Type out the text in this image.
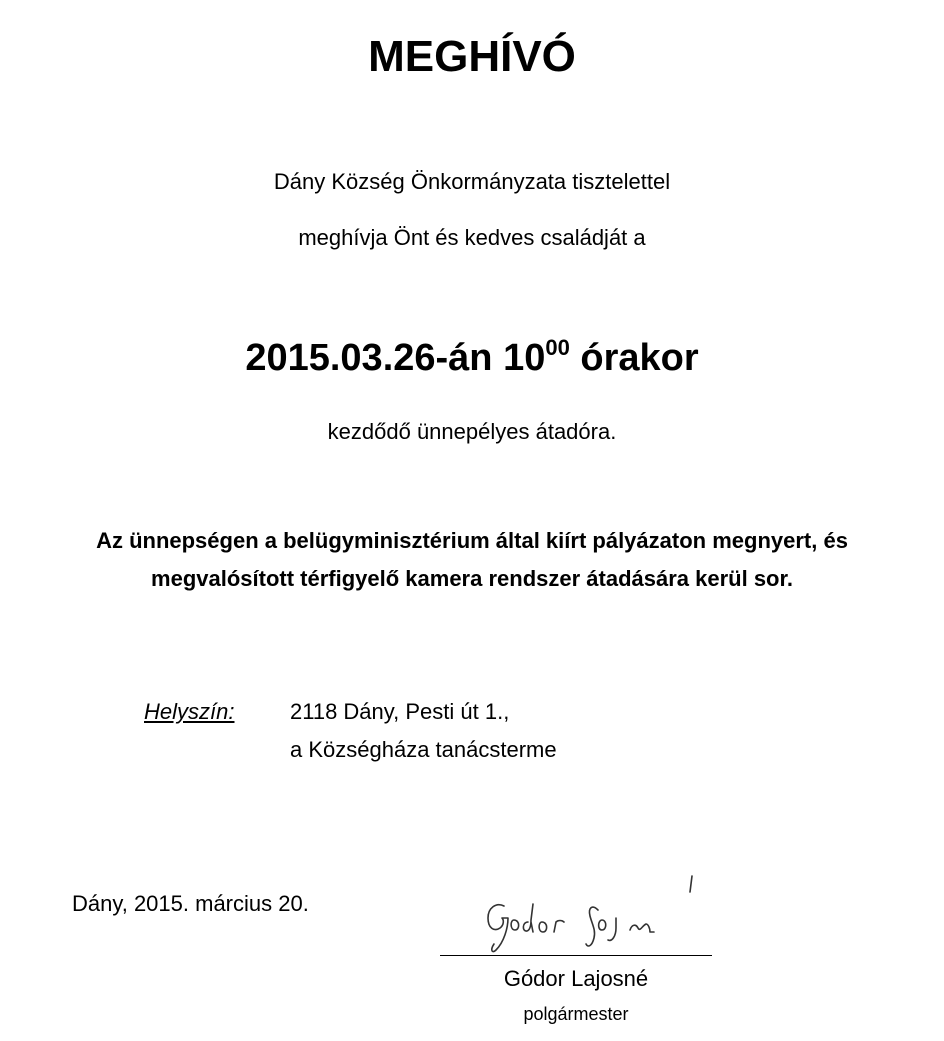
MEGHÍVÓ
Dány Község Önkormányzata tisztelettel
meghívja Önt és kedves családját a
2015.03.26-án $10^{00}$ órakor
kezdődő ünnepélyes átadóra.
Az ünnepségen a belügyminisztérium által kiírt pályázaton megnyert, és
megvalósított térfigyelő kamera rendszer átadására kerül sor.
Helyszín:	2118 Dány, Pesti út 1.,
a Községháza tanácsterme
Dány, 2015. március 20.
Gódor Lajosné
polgármester
